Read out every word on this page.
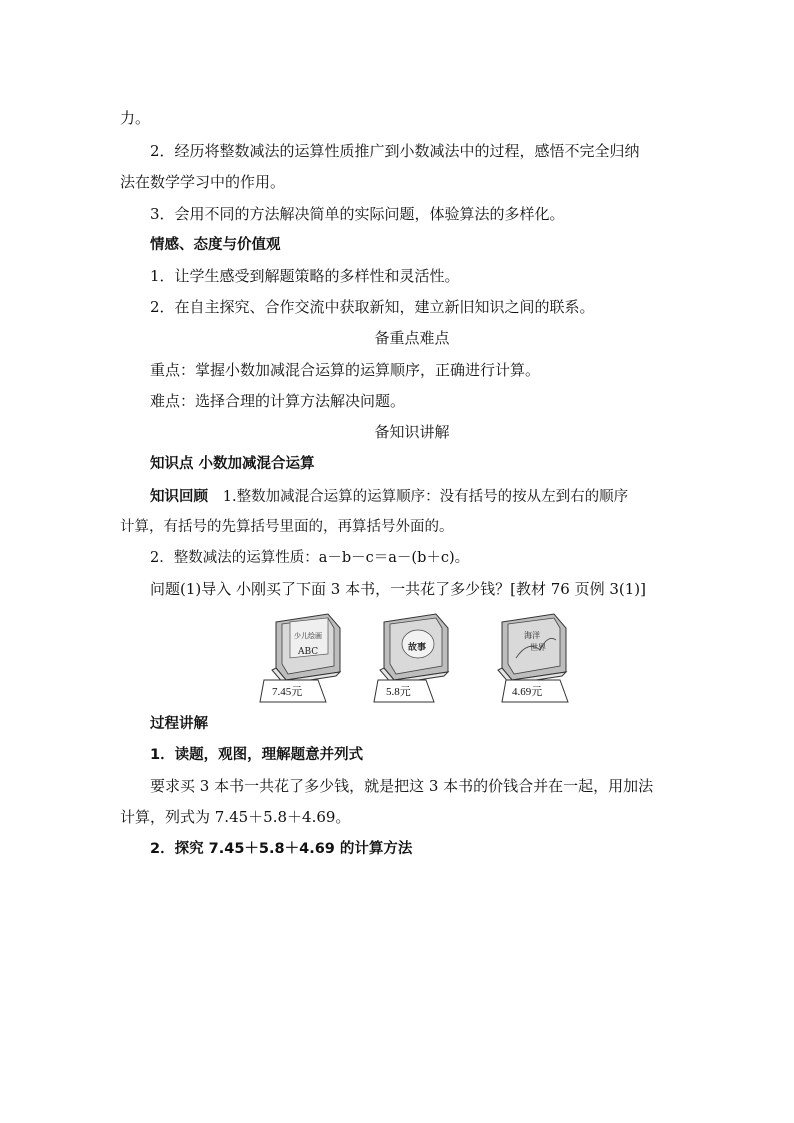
力。
2．经历将整数减法的运算性质推广到小数减法中的过程，感悟不完全归纳
法在数学学习中的作用。
3．会用不同的方法解决简单的实际问题，体验算法的多样化。
情感、态度与价值观
1．让学生感受到解题策略的多样性和灵活性。
2．在自主探究、合作交流中获取新知，建立新旧知识之间的联系。
备重点难点
重点：掌握小数加减混合运算的运算顺序，正确进行计算。
难点：选择合理的计算方法解决问题。
备知识讲解
知识点 小数加减混合运算
知识回顾 1.整数加减混合运算的运算顺序：没有括号的按从左到右的顺序
计算，有括号的先算括号里面的，再算括号外面的。
2．整数减法的运算性质：a－b－c＝a－(b＋c)。
问题(1)导入 小刚买了下面 3 本书，一共花了多少钱？[教材 76 页例 3(1)]
少儿绘画
ABC	故事
海洋
世界
7.45元	5.8元	4.69元
过程讲解
1．读题，观图，理解题意并列式
要求买 3 本书一共花了多少钱，就是把这 3 本书的价钱合并在一起，用加法
计算，列式为 7.45＋5.8＋4.69。
2．探究 7.45＋5.8＋4.69 的计算方法
